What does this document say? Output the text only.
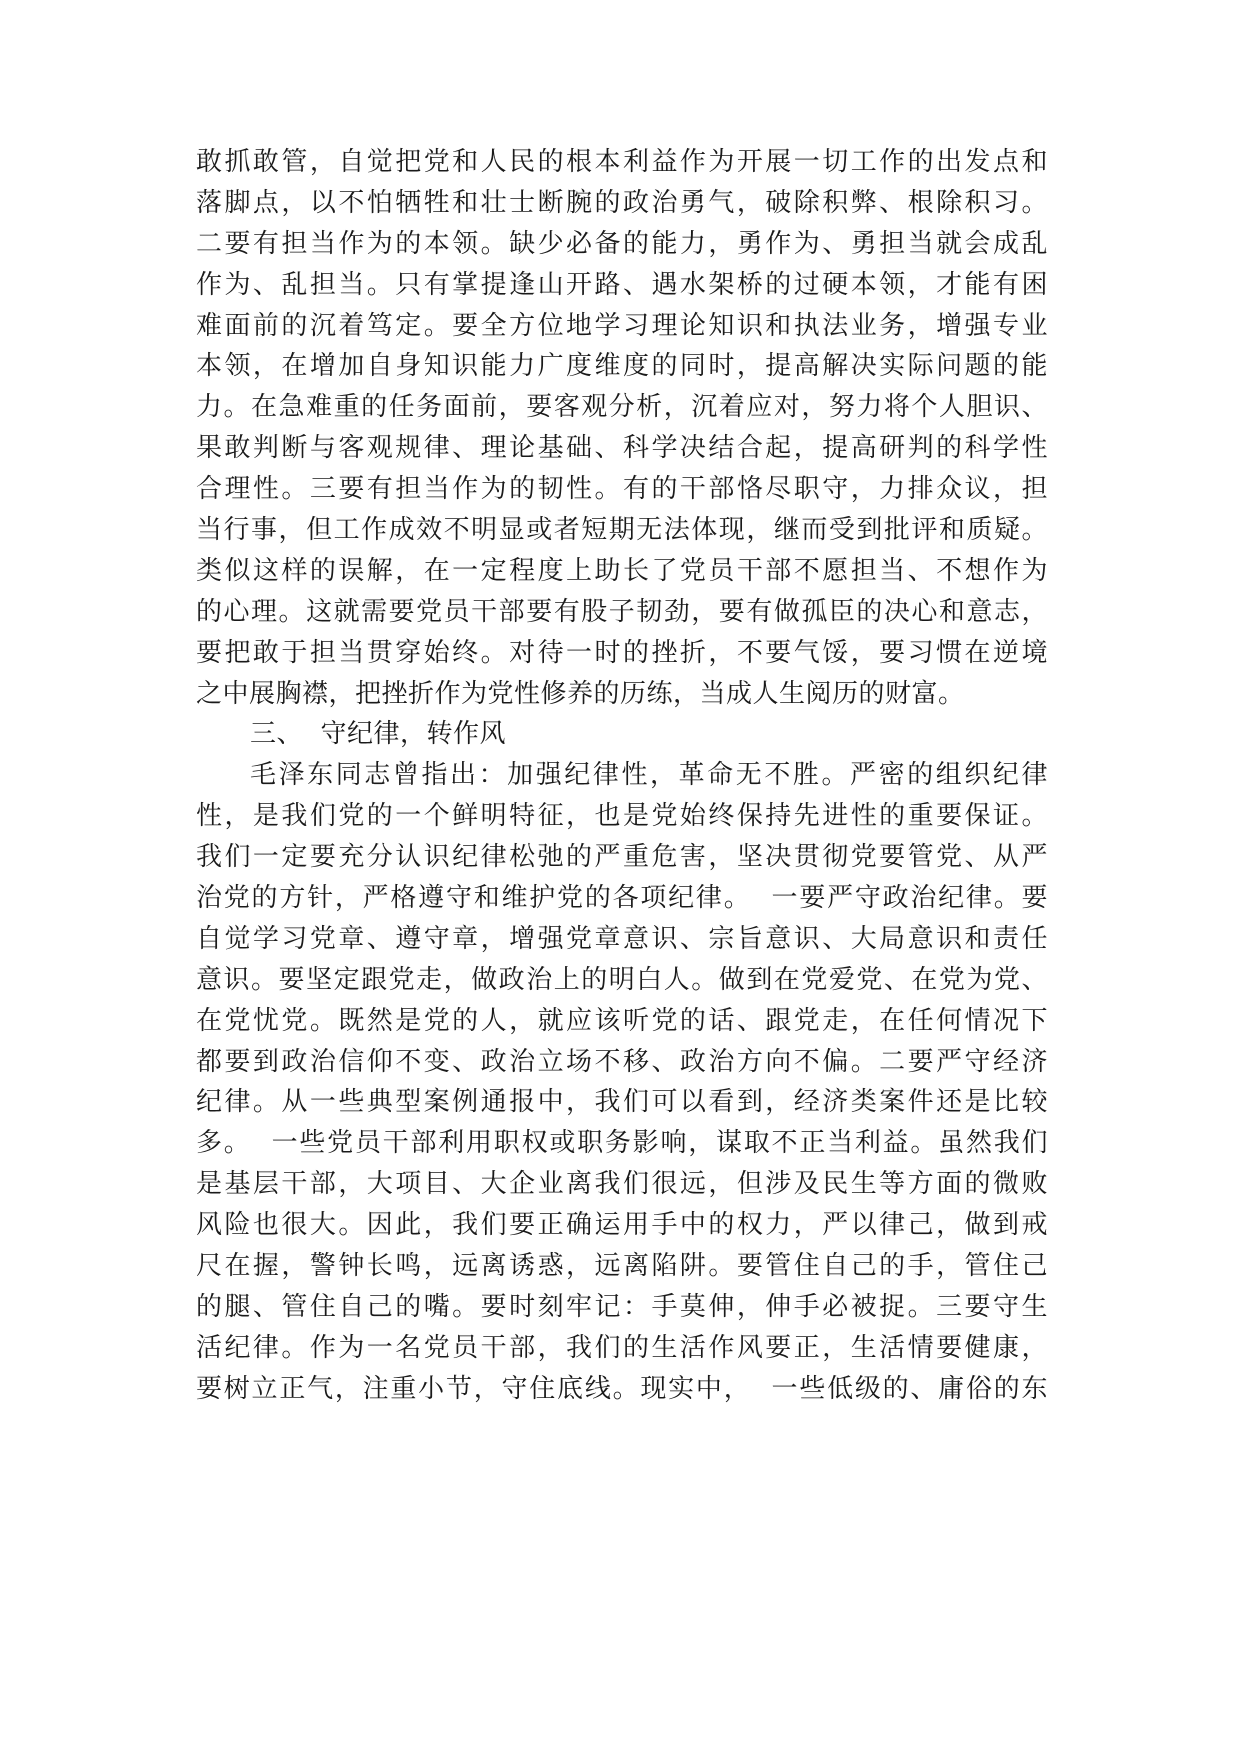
敢抓敢管，自觉把党和人民的根本利益作为开展一切工作的出发点和
落脚点，以不怕牺牲和壮士断腕的政治勇气，破除积弊、根除积习。
二要有担当作为的本领。缺少必备的能力，勇作为、勇担当就会成乱
作为、乱担当。只有掌提逢山开路、遇水架桥的过硬本领，才能有困
难面前的沉着笃定。要全方位地学习理论知识和执法业务，增强专业
本领，在增加自身知识能力广度维度的同时，提高解决实际问题的能
力。在急难重的任务面前，要客观分析，沉着应对，努力将个人胆识、
果敢判断与客观规律、理论基础、科学决结合起，提高研判的科学性
合理性。三要有担当作为的韧性。有的干部恪尽职守，力排众议，担
当行事，但工作成效不明显或者短期无法体现，继而受到批评和质疑。
类似这样的误解，在一定程度上助长了党员干部不愿担当、不想作为
的心理。这就需要党员干部要有股子韧劲，要有做孤臣的决心和意志，
要把敢于担当贯穿始终。对待一时的挫折，不要气馁，要习惯在逆境
之中展胸襟，把挫折作为党性修养的历练，当成人生阅历的财富。
三、  守纪律，转作风
毛泽东同志曾指出：加强纪律性，革命无不胜。严密的组织纪律
性，是我们党的一个鲜明特征，也是党始终保持先进性的重要保证。
我们一定要充分认识纪律松弛的严重危害，坚决贯彻党要管党、从严
治党的方针，严格遵守和维护党的各项纪律。  一要严守政治纪律。要
自觉学习党章、遵守章，增强党章意识、宗旨意识、大局意识和责任
意识。要坚定跟党走，做政治上的明白人。做到在党爱党、在党为党、
在党忧党。既然是党的人，就应该听党的话、跟党走，在任何情况下
都要到政治信仰不变、政治立场不移、政治方向不偏。二要严守经济
纪律。从一些典型案例通报中，我们可以看到，经济类案件还是比较
多。  一些党员干部利用职权或职务影响，谋取不正当利益。虽然我们
是基层干部，大项目、大企业离我们很远，但涉及民生等方面的微败
风险也很大。因此，我们要正确运用手中的权力，严以律己，做到戒
尺在握，警钟长鸣，远离诱惑，远离陷阱。要管住自己的手，管住己
的腿、管住自己的嘴。要时刻牢记：手莫伸，伸手必被捉。三要守生
活纪律。作为一名党员干部，我们的生活作风要正，生活情要健康，
要树立正气，注重小节，守住底线。现实中，  一些低级的、庸俗的东
